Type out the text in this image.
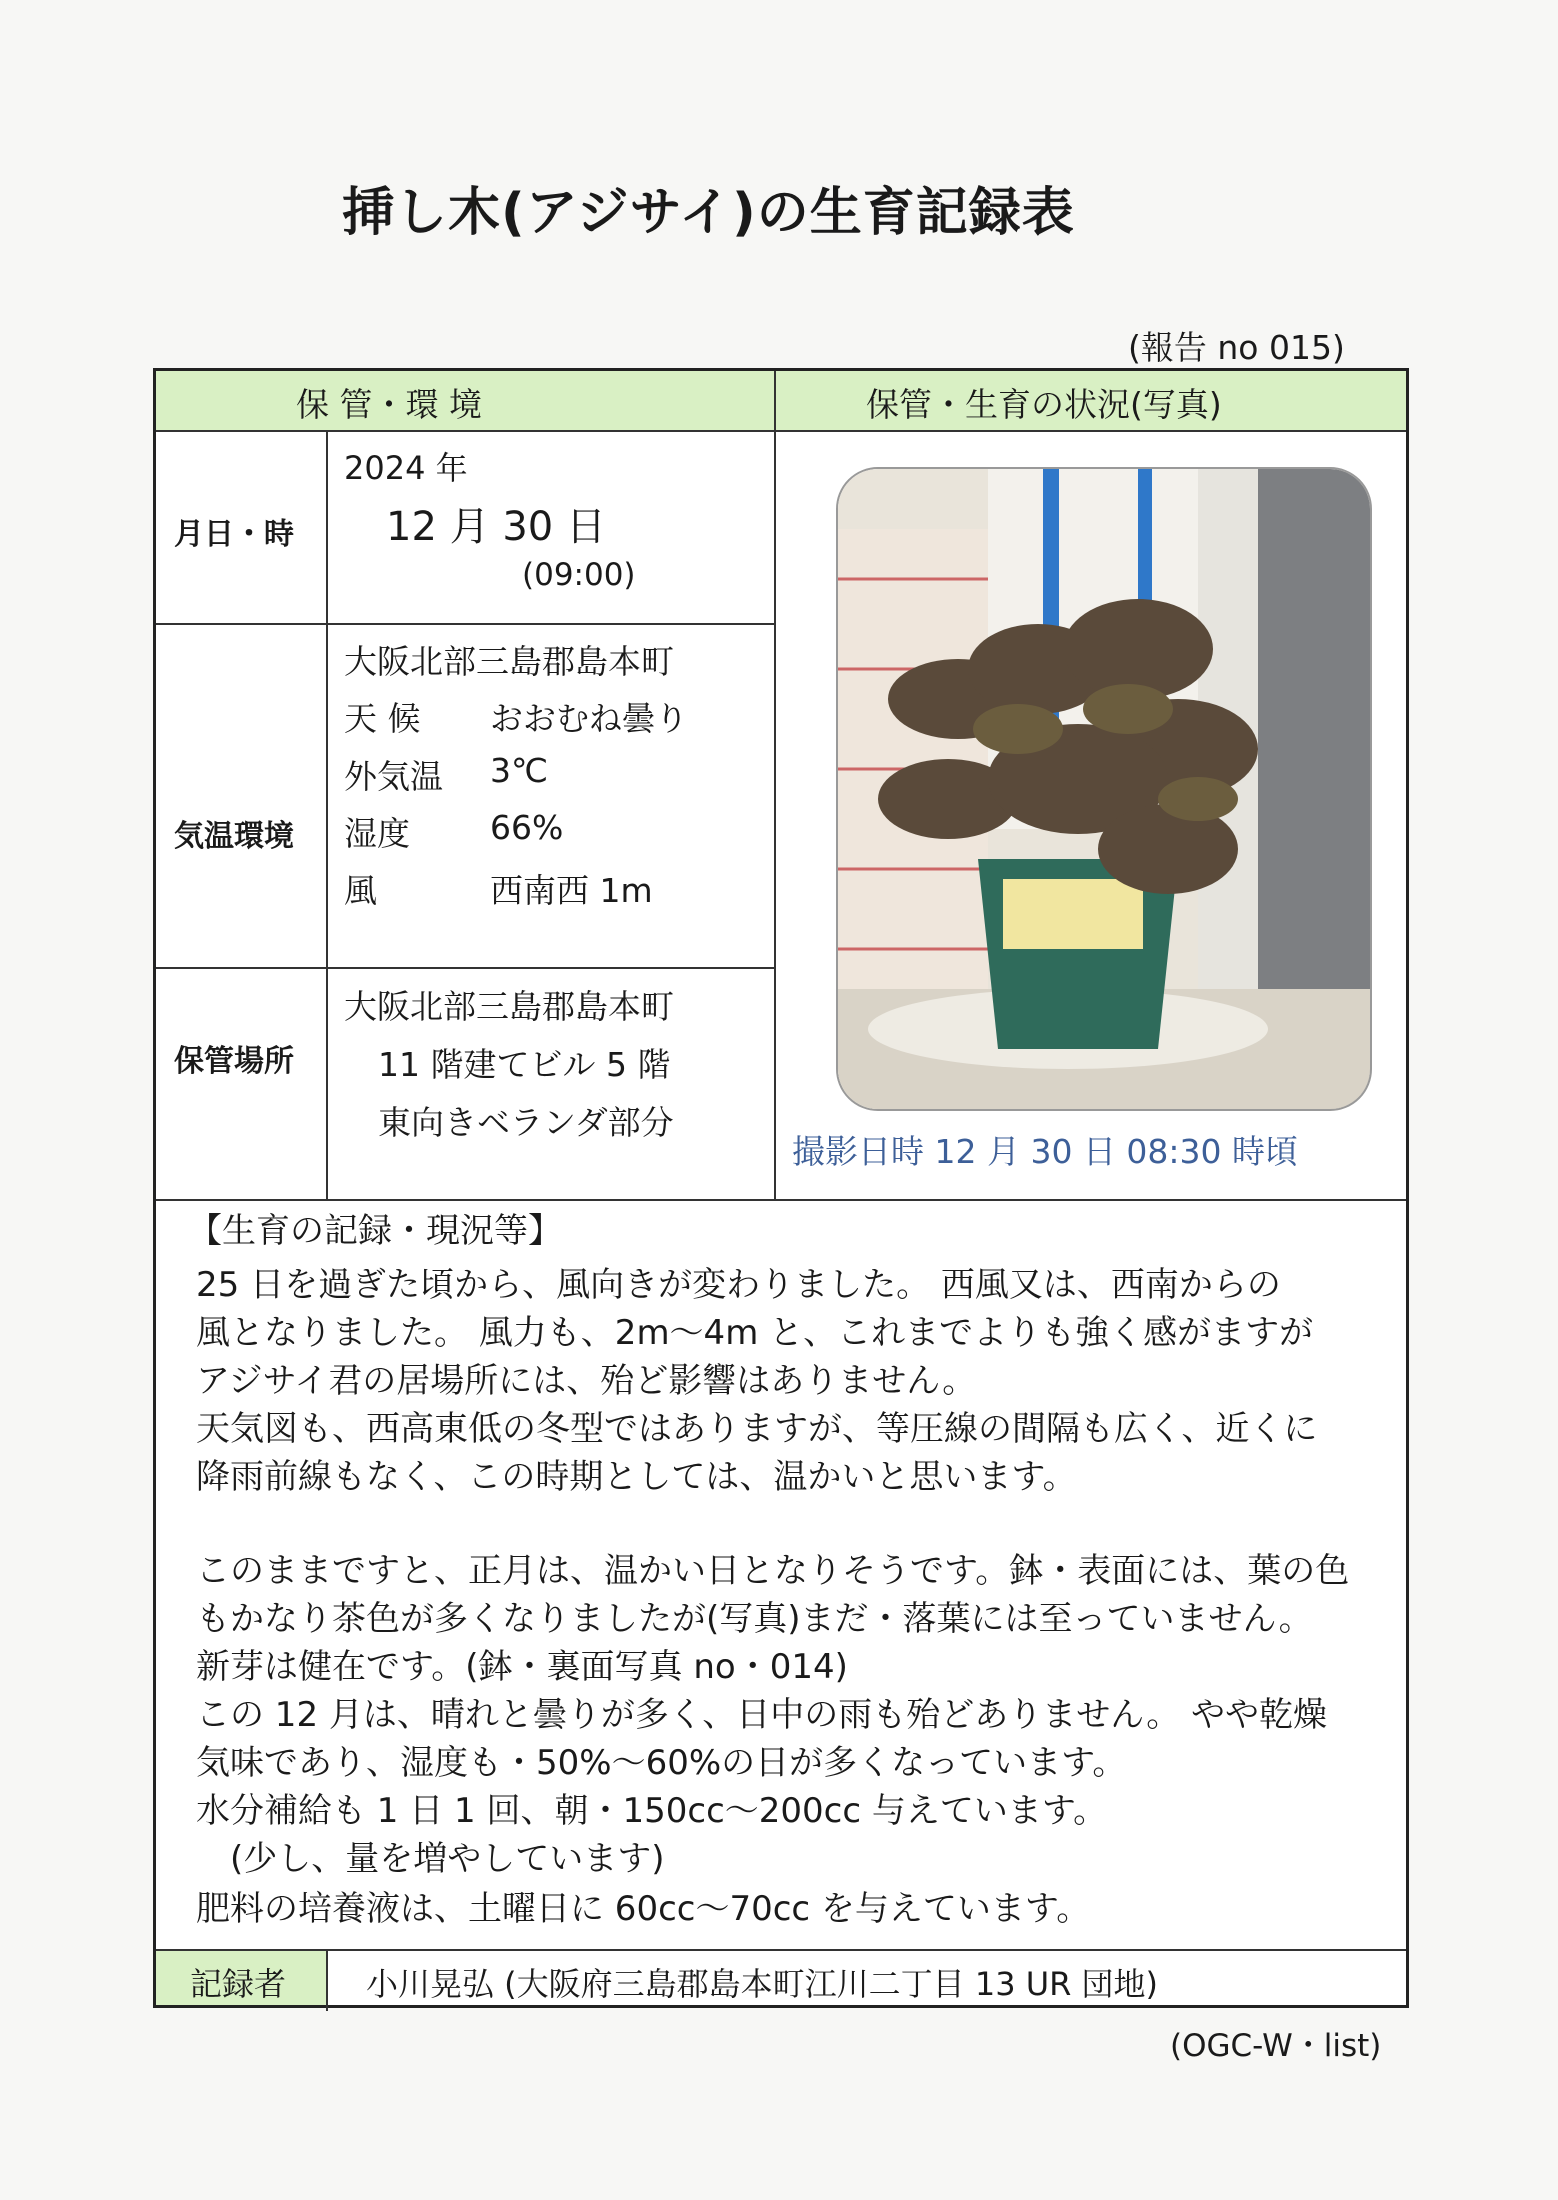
挿し木(アジサイ)の生育記録表
(報告 no 015)
保 管・環 境	保管・生育の状況(写真)
月日・時
2024 年
12 月 30 日
(09:00)
気温環境
大阪北部三島郡島本町
天 候 おおむね曇り
外気温 3℃
湿度 66%
風	西南西 1m
保管場所
大阪北部三島郡島本町
11 階建てビル 5 階
東向きベランダ部分
撮影日時 12 月 30 日 08:30 時頃
【生育の記録・現況等】
25 日を過ぎた頃から、風向きが変わりました。 西風又は、西南からの
風となりました。 風力も、2m〜4m と、これまでよりも強く感がますが
アジサイ君の居場所には、殆ど影響はありません。
天気図も、西高東低の冬型ではありますが、等圧線の間隔も広く、近くに
降雨前線もなく、この時期としては、温かいと思います。
このままですと、正月は、温かい日となりそうです。鉢・表面には、葉の色
もかなり茶色が多くなりましたが(写真)まだ・落葉には至っていません。
新芽は健在です。(鉢・裏面写真 no・014)
この 12 月は、晴れと曇りが多く、日中の雨も殆どありません。 やや乾燥
気味であり、湿度も・50%〜60%の日が多くなっています。
水分補給も 1 日 1 回、朝・150cc〜200cc 与えています。
　(少し、量を増やしています)
肥料の培養液は、土曜日に 60cc〜70cc を与えています。
記録者 小川晃弘 (大阪府三島郡島本町江川二丁目 13 UR 団地)
(OGC-W・list)
